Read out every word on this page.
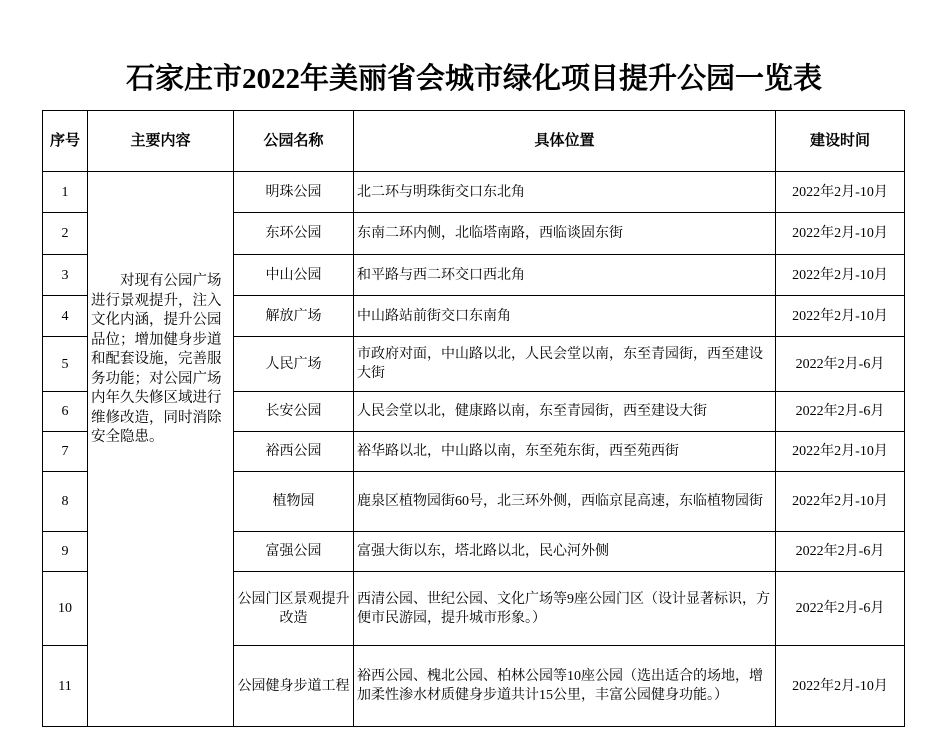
石家庄市2022年美丽省会城市绿化项目提升公园一览表
序号	主要内容	公园名称	具体位置	建设时间
1	对现有公园广场进行景观提升，注入文化内涵，提升公园品位；增加健身步道和配套设施，完善服务功能；对公园广场内年久失修区域进行维修改造，同时消除安全隐患。	明珠公园	北二环与明珠街交口东北角	2022年2月-10月
2		东环公园	东南二环内侧，北临塔南路，西临谈固东街	2022年2月-10月
3		中山公园	和平路与西二环交口西北角	2022年2月-10月
4		解放广场	中山路站前街交口东南角	2022年2月-10月
5		人民广场	市政府对面，中山路以北，人民会堂以南，东至青园街，西至建设大街	2022年2月-6月
6		长安公园	人民会堂以北，健康路以南，东至青园街，西至建设大街	2022年2月-6月
7		裕西公园	裕华路以北，中山路以南，东至苑东街，西至苑西街	2022年2月-10月
8		植物园	鹿泉区植物园街60号，北三环外侧，西临京昆高速，东临植物园街	2022年2月-10月
9		富强公园	富强大街以东，塔北路以北，民心河外侧	2022年2月-6月
10		公园门区景观提升改造	西清公园、世纪公园、文化广场等9座公园门区（设计显著标识，方便市民游园，提升城市形象。）	2022年2月-6月
11		公园健身步道工程	裕西公园、槐北公园、柏林公园等10座公园（选出适合的场地，增加柔性渗水材质健身步道共计15公里，丰富公园健身功能。）	2022年2月-10月
